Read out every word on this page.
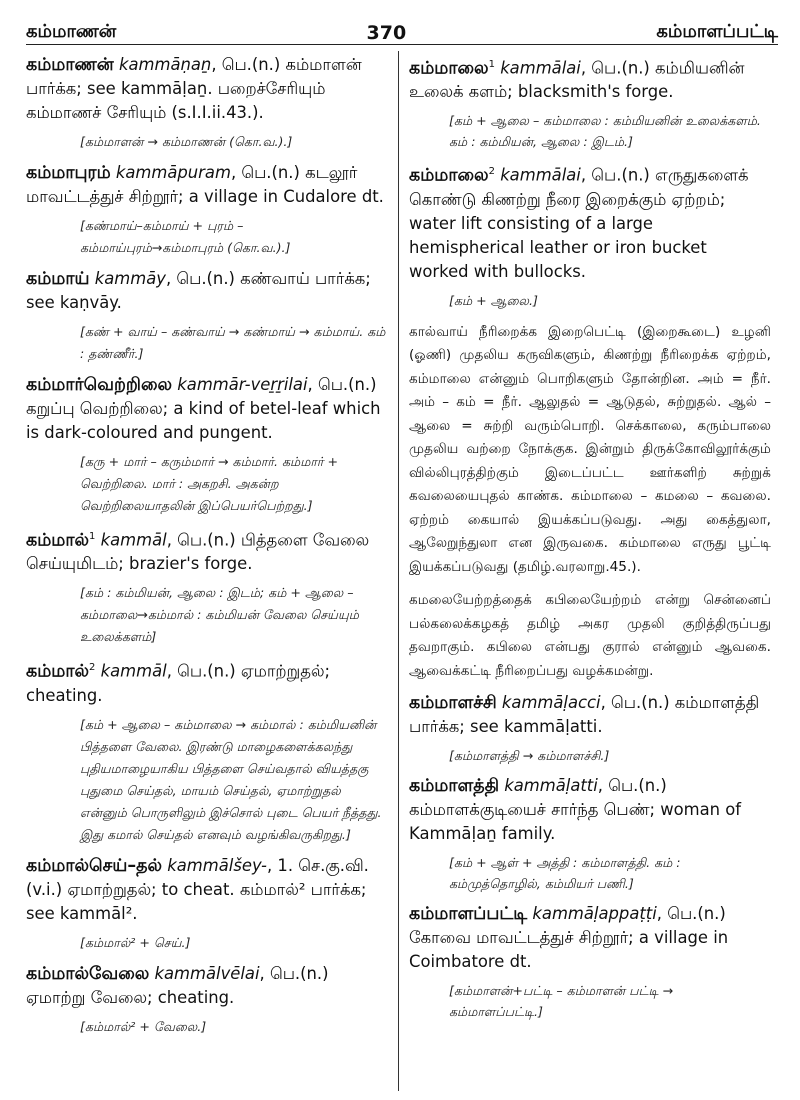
கம்மாணன்	370	கம்மாளப்பட்டி
கம்மாணன் kammāṇaṉ, பெ.(n.) கம்மாளன் பார்க்க; see kammāḷaṉ. பறைச்சேரியும் கம்மாணச் சேரியும் (s.I.I.ii.43.).
[கம்மாளன் → கம்மாணன் (கொ.வ.).]
கம்மாபுரம் kammāpuram, பெ.(n.) கடலூர் மாவட்டத்துச் சிற்றூர்; a village in Cudalore dt.
[கண்மாய்–கம்மாய் + புரம் – கம்மாய்புரம்→கம்மாபுரம் (கொ.வ.).]
கம்மாய் kammāy, பெ.(n.) கண்வாய் பார்க்க; see kaṇvāy.
[கண் + வாய் – கண்வாய் → கண்மாய் → கம்மாய். கம் : தண்ணீர்.]
கம்மார்வெற்றிலை kammār-veṟṟilai, பெ.(n.) கறுப்பு வெற்றிலை; a kind of betel-leaf which is dark-coloured and pungent.
[கரு + மார் – கரும்மார் → கம்மார். கம்மார் + வெற்றிலை. மார் : அகறசி. அகன்ற வெற்றிலையாதலின் இப்பெயர்பெற்றது.]
கம்மால்$^1$ kammāl, பெ.(n.) பித்தளை வேலை செய்யுமிடம்; brazier's forge.
[கம் : கம்மியன், ஆலை : இடம்; கம் + ஆலை – கம்மாலை→கம்மால் : கம்மியன் வேலை செய்யும் உலைக்களம்]
கம்மால்$^2$ kammāl, பெ.(n.) ஏமாற்றுதல்; cheating.
[கம் + ஆலை – கம்மாலை → கம்மால் : கம்மியனின் பித்தளை வேலை. இரண்டு மாழைகளைக்கலந்து புதியமாழையாகிய பித்தளை செய்வதால் வியத்தகு புதுமை செய்தல், மாயம் செய்தல், ஏமாற்றுதல் என்னும் பொருளிலும் இச்சொல் புடை பெயர் நீத்தது. இது கமால் செய்தல் எனவும் வழங்கிவருகிறது.]
கம்மால்செய்–தல் kammālšey-, 1. செ.கு.வி.(v.i.) ஏமாற்றுதல்; to cheat. கம்மால்² பார்க்க; see kammāl².
[கம்மால்² + செய்.]
கம்மால்வேலை kammālvēlai, பெ.(n.) ஏமாற்று வேலை; cheating.
[கம்மால்² + வேலை.]
கம்மாலை$^1$ kammālai, பெ.(n.) கம்மியனின் உலைக் களம்; blacksmith's forge.
[கம் + ஆலை – கம்மாலை : கம்மியனின் உலைக்களம். கம் : கம்மியன், ஆலை : இடம்.]
கம்மாலை$^2$ kammālai, பெ.(n.) எருதுகளைக் கொண்டு கிணற்று நீரை இறைக்கும் ஏற்றம்; water lift consisting of a large hemispherical leather or iron bucket worked with bullocks.
[கம் + ஆலை.]
கால்வாய் நீரிறைக்க இறைபெட்டி (இறைகூடை) உழனி (ஓணி) முதலிய கருவிகளும், கிணற்று நீரிறைக்க ஏற்றம், கம்மாலை என்னும் பொறிகளும் தோன்றின. அம் = நீர். அம் – கம் = நீர். ஆலுதல் = ஆடுதல், சுற்றுதல். ஆல் – ஆலை = சுற்றி வரும்பொறி. செக்காலை, கரும்பாலை முதலிய வற்றை நோக்குக. இன்றும் திருக்கோவிலூர்க்கும் வில்லிபுரத்திற்கும் இடைப்பட்ட ஊர்களிற் சுற்றுக் கவலையைபுதல் காண்க. கம்மாலை – கமலை – கவலை. ஏற்றம் கையால் இயக்கப்படுவது. அது கைத்துலா, ஆலேறுந்துலா என இருவகை. கம்மாலை எருது பூட்டி இயக்கப்படுவது (தமிழ்.வரலாறு.45.).
கமலையேற்றத்தைக் கபிலையேற்றம் என்று சென்னைப் பல்கலைக்கழகத் தமிழ் அகர முதலி குறித்திருப்பது தவறாகும். கபிலை என்பது குரால் என்னும் ஆவகை. ஆவைக்கட்டி நீரிறைப்பது வழக்கமன்று.
கம்மாளச்சி kammāḷacci, பெ.(n.) கம்மாளத்தி பார்க்க; see kammāḷatti.
[கம்மாளத்தி → கம்மாளச்சி.]
கம்மாளத்தி kammāḷatti, பெ.(n.) கம்மாளக்குடியைச் சார்ந்த பெண்; woman of Kammāḷaṉ family.
[கம் + ஆள் + அத்தி : கம்மாளத்தி. கம் : கம்முத்தொழில், கம்மியர் பணி.]
கம்மாளப்பட்டி kammāḷappaṭṭi, பெ.(n.) கோவை மாவட்டத்துச் சிற்றூர்; a village in Coimbatore dt.
[கம்மாளன்+பட்டி – கம்மாளன் பட்டி → கம்மாளப்பட்டி.]
